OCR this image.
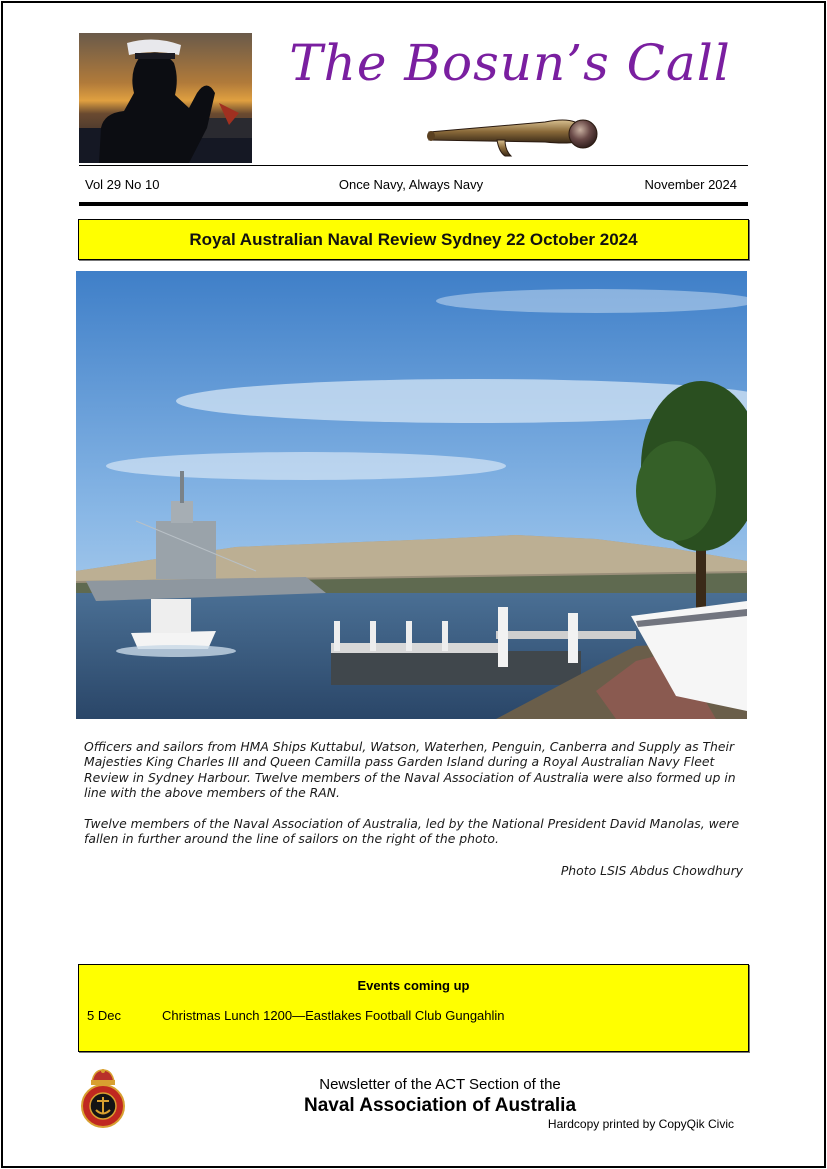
The Bosun’s Call
Vol 29 No 10	Once Navy, Always Navy	November 2024
Royal Australian Naval Review Sydney 22 October 2024

Officers and sailors from HMA Ships Kuttabul, Watson, Waterhen, Penguin, Canberra and Supply as Their Majesties King Charles III and Queen Camilla pass Garden Island during a Royal Australian Navy Fleet Review in Sydney Harbour. Twelve members of the Naval Association of Australia were also formed up in line with the above members of the RAN.

Twelve members of the Naval Association of Australia, led by the National President David Manolas, were fallen in further around the line of sailors on the right of the photo.

Photo LSIS Abdus Chowdhury
Events coming up
5 Dec	Christmas Lunch 1200—Eastlakes Football Club Gungahlin
Newsletter of the ACT Section of the
Naval Association of Australia
Hardcopy printed by CopyQik Civic
